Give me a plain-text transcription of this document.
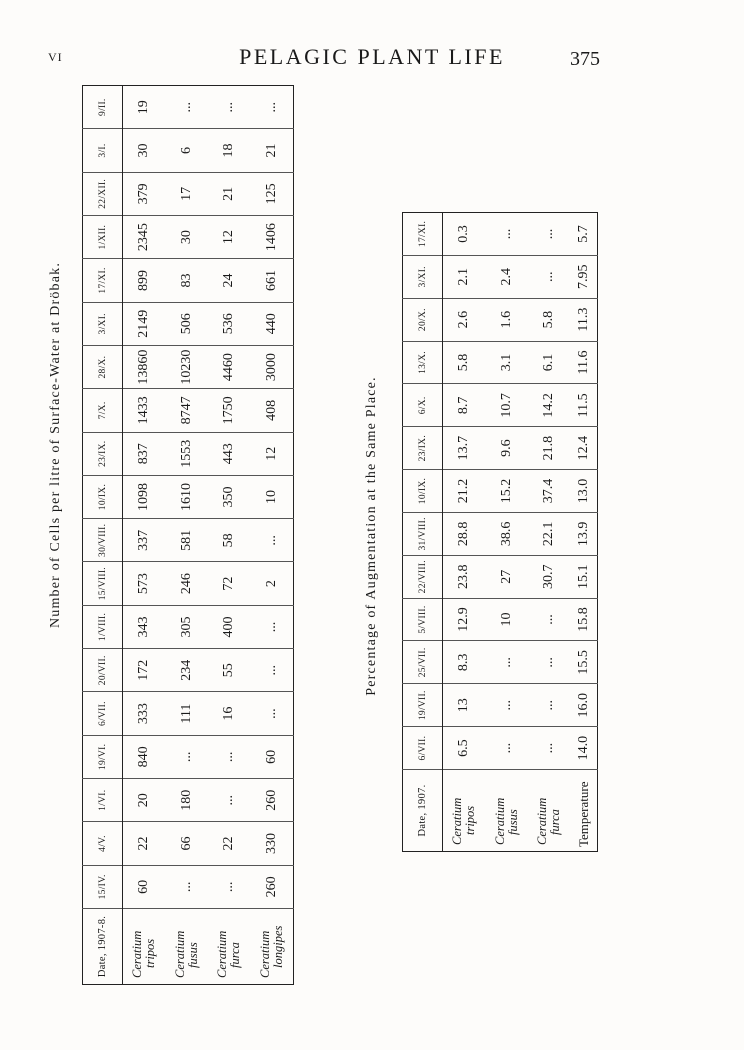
VI	PELAGIC PLANT LIFE	375
Number of Cells per litre of Surface-Water at Dröbak.	Percentage of Augmentation at the Same Place.
Date, 1907-8.	15/IV.	4/V.	1/VI.	19/VI.	6/VII.	20/VII.	1/VIII.	15/VIII.	30/VIII.	10/IX.	23/IX.	7/X.	28/X.	3/XI.	17/XI.	1/XII.	22/XII.	3/I.	9/II.

Ceratium tripos	60	22	20	840	333	172	343	573	337	1098	837	1433	13860	2149	899	2345	379	30	19

Ceratium fusus	...	66	180	...	111	234	305	246	581	1610	1553	8747	10230	506	83	30	17	6	...

Ceratium furca	...	22	...	...	16	55	400	72	58	350	443	1750	4460	536	24	12	21	18	...

Ceratium longipes	260	330	260	60	...	...	...	2	...	10	12	408	3000	440	661	1406	125	21	...
Date, 1907.	6/VII.	19/VII.	25/VII.	5/VIII.	22/VIII.	31/VIII.	10/IX.	23/IX.	6/X.	13/X.	20/X.	3/XI.	17/XI.

Ceratium tripos	6.5	13	8.3	12.9	23.8	28.8	21.2	13.7	8.7	5.8	2.6	2.1	0.3

Ceratium fusus	...	...	...	10	27	38.6	15.2	9.6	10.7	3.1	1.6	2.4	...

Ceratium furca	...	...	...	...	30.7	22.1	37.4	21.8	14.2	6.1	5.8	...	...
Temperature	14.0	16.0	15.5	15.8	15.1	13.9	13.0	12.4	11.5	11.6	11.3	7.95	5.7
